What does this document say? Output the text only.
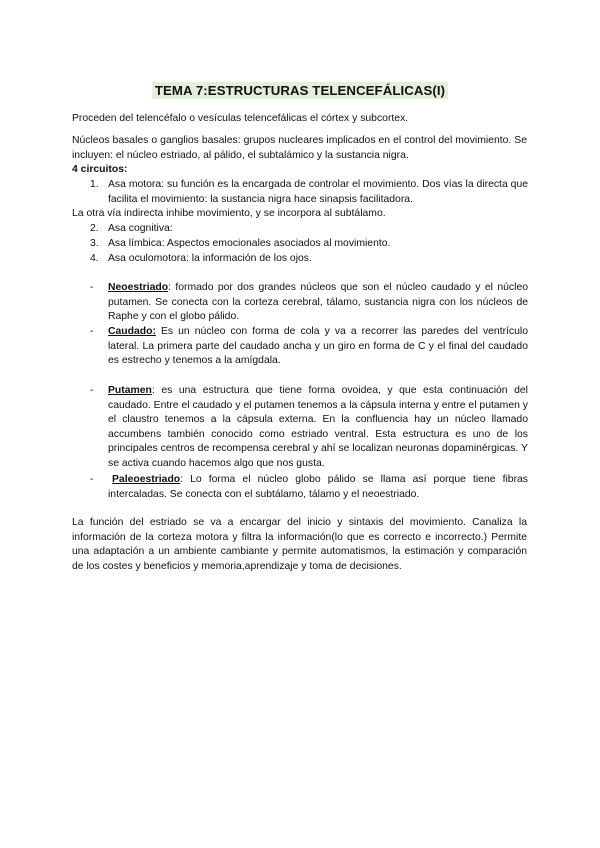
TEMA 7:ESTRUCTURAS TELENCEFÁLICAS(I)

Proceden del telencéfalo o vesículas telencefálicas el córtex y subcortex.

Núcleos basales o ganglios basales: grupos nucleares implicados en el control del movimiento. Se incluyen: el núcleo estriado, al pálido, el subtalámico y la sustancia nigra.

4 circuitos:

1. Asa motora: su función es la encargada de controlar el movimiento. Dos vías la directa que facilita el movimiento: la sustancia nigra hace sinapsis facilitadora.

La otra vía indirecta inhibe movimiento, y se incorpora al subtálamo.

2. Asa cognitiva:

3. Asa límbica: Aspectos emocionales asociados al movimiento.

4. Asa oculomotora: la información de los ojos.

- Neoestriado: formado por dos grandes núcleos que son el núcleo caudado y el núcleo putamen. Se conecta con la corteza cerebral, tálamo, sustancia nigra con los núcleos de Raphe y con el globo pálido.

- Caudado: Es un núcleo con forma de cola y va a recorrer las paredes del ventrículo lateral. La primera parte del caudado ancha y un giro en forma de C y el final del caudado es estrecho y tenemos a la amígdala.

- Putamen: es una estructura que tiene forma ovoidea, y que esta continuación del caudado. Entre el caudado y el putamen tenemos a la cápsula interna y entre el putamen y el claustro tenemos a la cápsula externa. En la confluencia hay un núcleo llamado accumbens también conocido como estriado ventral. Esta estructura es uno de los principales centros de recompensa cerebral y ahí se localizan neuronas dopaminérgicas. Y se activa cuando hacemos algo que nos gusta.

-	Paleoestriado: Lo forma el núcleo globo pálido se llama así porque tiene fibras intercaladas. Se conecta con el subtálamo, tálamo y el neoestriado.

La función del estriado se va a encargar del inicio y sintaxis del movimiento. Canaliza la información de la corteza motora y filtra la información(lo que es correcto e incorrecto.) Permite una adaptación a un ambiente cambiante y permite automatismos, la estimación y comparación de los costes y beneficios y memoria,aprendizaje y toma de decisiones.
